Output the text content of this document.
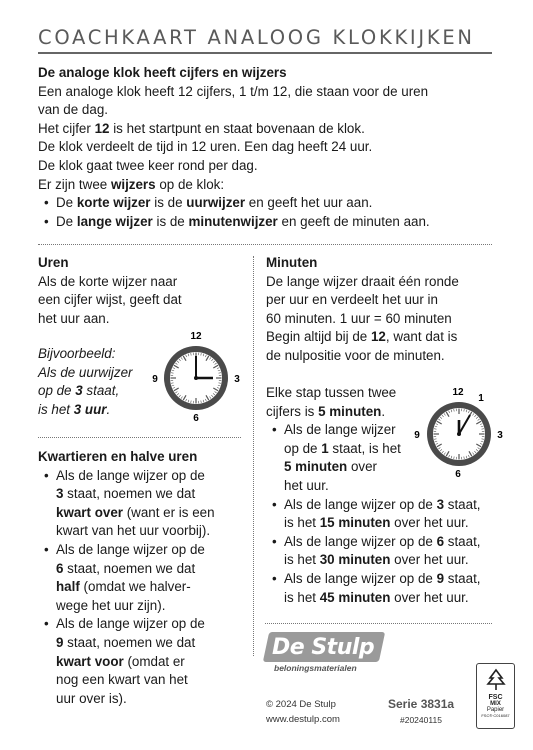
COACHKAART ANALOOG KLOKKIJKEN

De analoge klok heeft cijfers en wijzers

Een analoge klok heeft 12 cijfers, 1 t/m 12, die staan voor de uren

van de dag.

Het cijfer 12 is het startpunt en staat bovenaan de klok.

De klok verdeelt de tijd in 12 uren. Een dag heeft 24 uur.

De klok gaat twee keer rond per dag.

Er zijn twee wijzers op de klok:

• De korte wijzer is de uurwijzer en geeft het uur aan.

• De lange wijzer is de minutenwijzer en geeft de minuten aan.

Uren

Als de korte wijzer naar

een cijfer wijst, geeft dat

het uur aan.

Bijvoorbeeld:

Als de uurwijzer

op de 3 staat,

is het 3 uur.

12
3
6
9

Kwartieren en halve uren

• Als de lange wijzer op de

3 staat, noemen we dat

kwart over (want er is een

kwart van het uur voorbij).

• Als de lange wijzer op de

6 staat, noemen we dat

half (omdat we halver-

wege het uur zijn).

• Als de lange wijzer op de

9 staat, noemen we dat

kwart voor (omdat er

nog een kwart van het

uur over is).

Minuten

De lange wijzer draait één ronde

per uur en verdeelt het uur in

60 minuten. 1 uur = 60 minuten

Begin altijd bij de 12, want dat is

de nulpositie voor de minuten.

Elke stap tussen twee

cijfers is 5 minuten.

• Als de lange wijzer

op de 1 staat, is het

5 minuten over

het uur.

• Als de lange wijzer op de 3 staat,

is het 15 minuten over het uur.

• Als de lange wijzer op de 6 staat,

is het 30 minuten over het uur.

• Als de lange wijzer op de 9 staat,

is het 45 minuten over het uur.

12
1
3
6
9
De Stulp
beloningsmaterialen
© 2024 De Stulp
www.destulp.com
Serie 3831a
#20240115
FSC
MIX
Papier
FSC® C016087
